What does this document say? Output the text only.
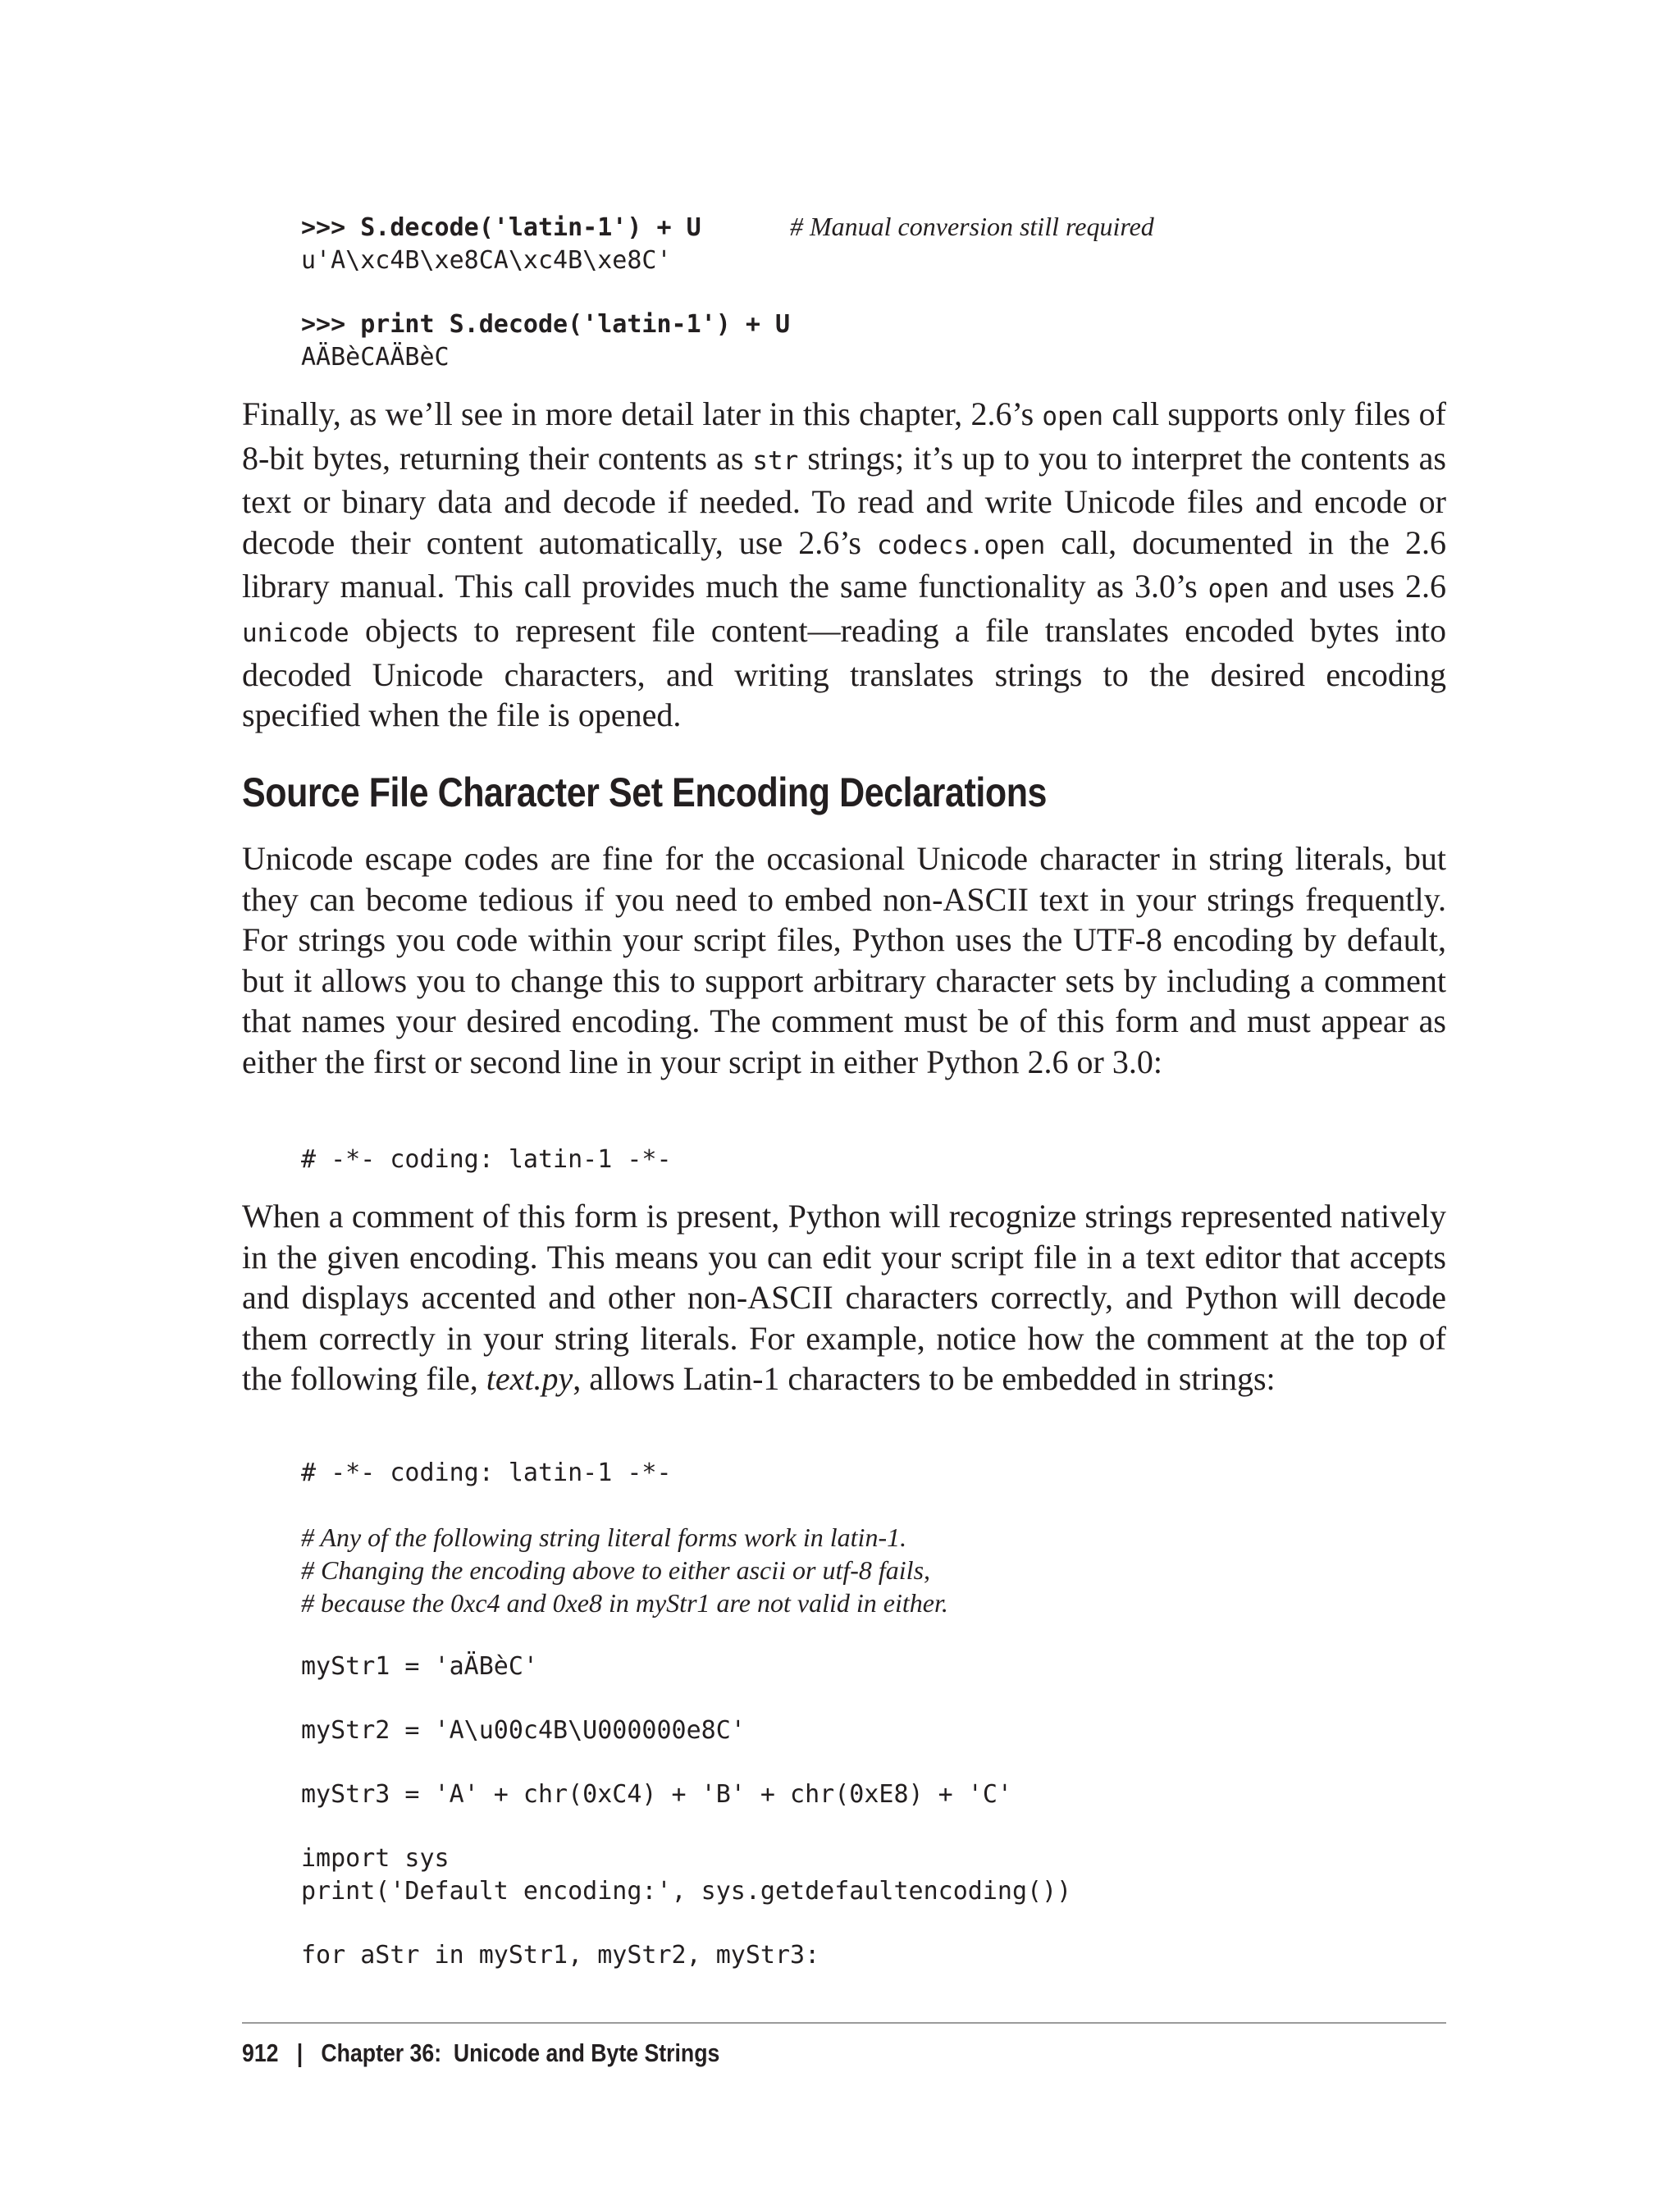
>>> S.decode('latin-1') + U	# Manual conversion still required
u'A\xc4B\xe8CA\xc4B\xe8C'
>>> print S.decode('latin-1') + U
AÄBèCAÄBèC

Finally, as we’ll see in more detail later in this chapter, 2.6’s open call supports only files of 8-bit bytes, returning their contents as str strings; it’s up to you to interpret the contents as text or binary data and decode if needed. To read and write Unicode files and encode or decode their content automatically, use 2.6’s codecs.open call, documented in the 2.6 library manual. This call provides much the same functionality as 3.0’s open and uses 2.6 unicode objects to represent file content—reading a file translates encoded bytes into decoded Unicode characters, and writing translates strings to the desired encoding specified when the file is opened.

Source File Character Set Encoding Declarations

Unicode escape codes are fine for the occasional Unicode character in string literals, but they can become tedious if you need to embed non-ASCII text in your strings frequently. For strings you code within your script files, Python uses the UTF-8 encoding by default, but it allows you to change this to support arbitrary character sets by including a comment that names your desired encoding. The comment must be of this form and must appear as either the first or second line in your script in either Python 2.6 or 3.0:

# -*- coding: latin-1 -*-

When a comment of this form is present, Python will recognize strings represented natively in the given encoding. This means you can edit your script file in a text editor that accepts and displays accented and other non-ASCII characters correctly, and Python will decode them correctly in your string literals. For example, notice how the comment at the top of the following file, text.py, allows Latin-1 characters to be embedded in strings:

# -*- coding: latin-1 -*-
# Any of the following string literal forms work in latin-1.
# Changing the encoding above to either ascii or utf-8 fails,
# because the 0xc4 and 0xe8 in myStr1 are not valid in either.
myStr1 = 'aÄBèC'
myStr2 = 'A\u00c4B\U000000e8C'
myStr3 = 'A' + chr(0xC4) + 'B' + chr(0xE8) + 'C'
import sys
print('Default encoding:', sys.getdefaultencoding())
for aStr in myStr1, myStr2, myStr3:
912 | Chapter 36:  Unicode and Byte Strings
